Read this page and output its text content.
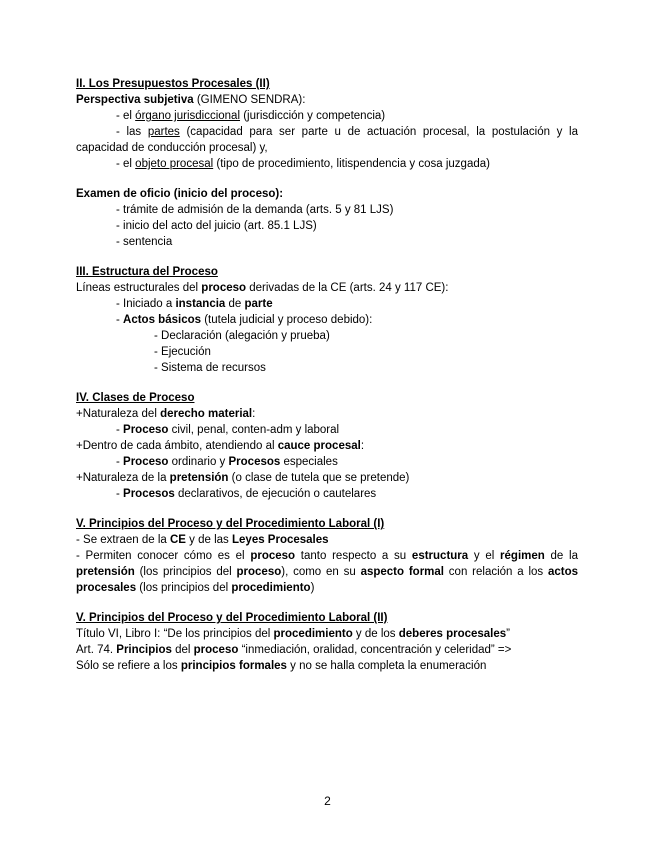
II. Los Presupuestos Procesales (II)
Perspectiva subjetiva (GIMENO SENDRA):
- el órgano jurisdiccional (jurisdicción y competencia)
- las partes (capacidad para ser parte u de actuación procesal, la postulación y la
capacidad de conducción procesal) y,
- el objeto procesal (tipo de procedimiento, litispendencia y cosa juzgada)
Examen de oficio (inicio del proceso):
- trámite de admisión de la demanda (arts. 5 y 81 LJS)
- inicio del acto del juicio (art. 85.1 LJS)
- sentencia
III. Estructura del Proceso
Líneas estructurales del proceso derivadas de la CE (arts. 24 y 117 CE):
- Iniciado a instancia de parte
- Actos básicos (tutela judicial y proceso debido):
- Declaración (alegación y prueba)
- Ejecución
- Sistema de recursos
IV. Clases de Proceso
+Naturaleza del derecho material:
- Proceso civil, penal, conten-adm y laboral
+Dentro de cada ámbito, atendiendo al cauce procesal:
- Proceso ordinario y Procesos especiales
+Naturaleza de la pretensión (o clase de tutela que se pretende)
- Procesos declarativos, de ejecución o cautelares
V. Principios del Proceso y del Procedimiento Laboral (I)
- Se extraen de la CE y de las Leyes Procesales
- Permiten conocer cómo es el proceso tanto respecto a su estructura y el régimen de la
pretensión (los principios del proceso), como en su aspecto formal con relación a los actos
procesales (los principios del procedimiento)
V. Principios del Proceso y del Procedimiento Laboral (II)
Título VI, Libro I: “De los principios del procedimiento y de los deberes procesales”
Art. 74. Principios del proceso “inmediación, oralidad, concentración y celeridad” =>
Sólo se refiere a los principios formales y no se halla completa la enumeración
2
